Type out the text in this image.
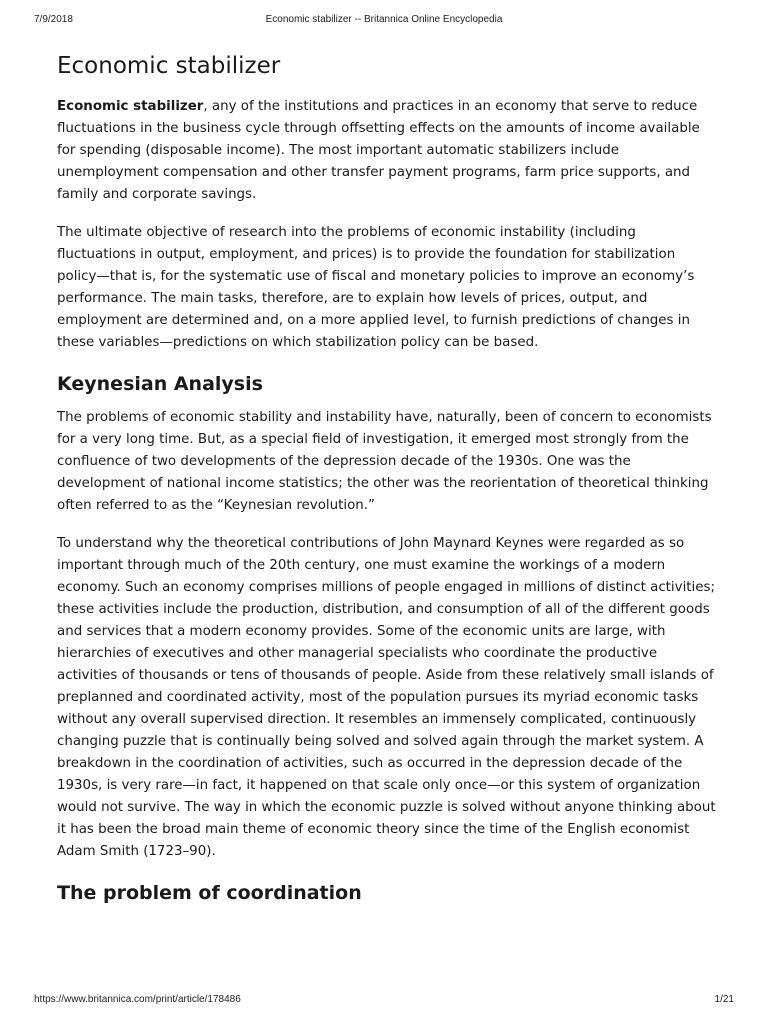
7/9/2018	Economic stabilizer -- Britannica Online Encyclopedia
Economic stabilizer

Economic stabilizer, any of the institutions and practices in an economy that serve to reduce fluctuations in the business cycle through offsetting effects on the amounts of income available for spending (disposable income). The most important automatic stabilizers include unemployment compensation and other transfer payment programs, farm price supports, and family and corporate savings.

The ultimate objective of research into the problems of economic instability (including fluctuations in output, employment, and prices) is to provide the foundation for stabilization policy—that is, for the systematic use of fiscal and monetary policies to improve an economy’s performance. The main tasks, therefore, are to explain how levels of prices, output, and employment are determined and, on a more applied level, to furnish predictions of changes in these variables—predictions on which stabilization policy can be based.

Keynesian Analysis

The problems of economic stability and instability have, naturally, been of concern to economists for a very long time. But, as a special field of investigation, it emerged most strongly from the confluence of two developments of the depression decade of the 1930s. One was the development of national income statistics; the other was the reorientation of theoretical thinking often referred to as the “Keynesian revolution.”

To understand why the theoretical contributions of John Maynard Keynes were regarded as so important through much of the 20th century, one must examine the workings of a modern economy. Such an economy comprises millions of people engaged in millions of distinct activities; these activities include the production, distribution, and consumption of all of the different goods and services that a modern economy provides. Some of the economic units are large, with hierarchies of executives and other managerial specialists who coordinate the productive activities of thousands or tens of thousands of people. Aside from these relatively small islands of preplanned and coordinated activity, most of the population pursues its myriad economic tasks without any overall supervised direction. It resembles an immensely complicated, continuously changing puzzle that is continually being solved and solved again through the market system. A breakdown in the coordination of activities, such as occurred in the depression decade of the 1930s, is very rare—in fact, it happened on that scale only once—or this system of organization would not survive. The way in which the economic puzzle is solved without anyone thinking about it has been the broad main theme of economic theory since the time of the English economist Adam Smith (1723–90).

The problem of coordination
https://www.britannica.com/print/article/178486	1/21
